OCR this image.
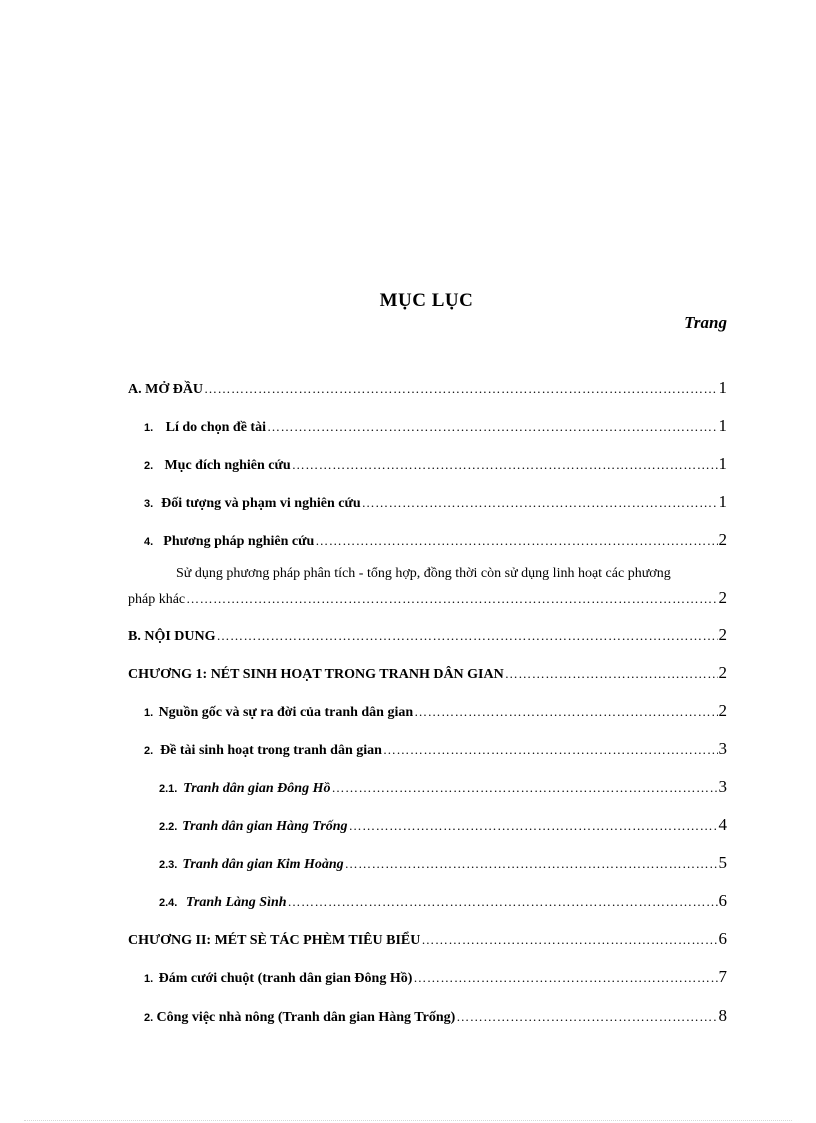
MỤC LỤC
Trang
A. MỞ ĐẦU ……………………………………………………………………………………………………………………………………………………………………………………………	1
1. Lí do chọn đề tài ……………………………………………………………………………………………………………………………………………………………………………………………	1
2. Mục đích nghiên cứu ……………………………………………………………………………………………………………………………………………………………………………………………	1
3. Đối tượng và phạm vi nghiên cứu ……………………………………………………………………………………………………………………………………………………………………………………………	1
4. Phương pháp nghiên cứu ……………………………………………………………………………………………………………………………………………………………………………………………	2
Sử dụng phương pháp phân tích - tổng hợp, đồng thời còn sử dụng linh hoạt các phương
pháp khác ……………………………………………………………………………………………………………………………………………………………………………………………	2
B. NỘI DUNG ……………………………………………………………………………………………………………………………………………………………………………………………	2
CHƯƠNG 1: NÉT SINH HOẠT TRONG TRANH DÂN GIAN ……………………………………………………………………………………………………………………………………………………………………………………………	2
1. Nguồn gốc và sự ra đời của tranh dân gian ……………………………………………………………………………………………………………………………………………………………………………………………	2
2. Đề tài sinh hoạt trong tranh dân gian ……………………………………………………………………………………………………………………………………………………………………………………………	3
2.1. Tranh dân gian Đông Hồ ……………………………………………………………………………………………………………………………………………………………………………………………	3
2.2. Tranh dân gian Hàng Trống ……………………………………………………………………………………………………………………………………………………………………………………………	4
2.3. Tranh dân gian Kim Hoàng ……………………………………………………………………………………………………………………………………………………………………………………………	5
2.4. Tranh Làng Sình ……………………………………………………………………………………………………………………………………………………………………………………………	6
CHƯƠNG II: MÉT SÈ TÁC PHÈM TIÊU BIỂU ……………………………………………………………………………………………………………………………………………………………………………………………	6
1. Đám cưới chuột (tranh dân gian Đông Hồ) ……………………………………………………………………………………………………………………………………………………………………………………………	7
2. Công việc nhà nông (Tranh dân gian Hàng Trống) ……………………………………………………………………………………………………………………………………………………………………………………………	8
